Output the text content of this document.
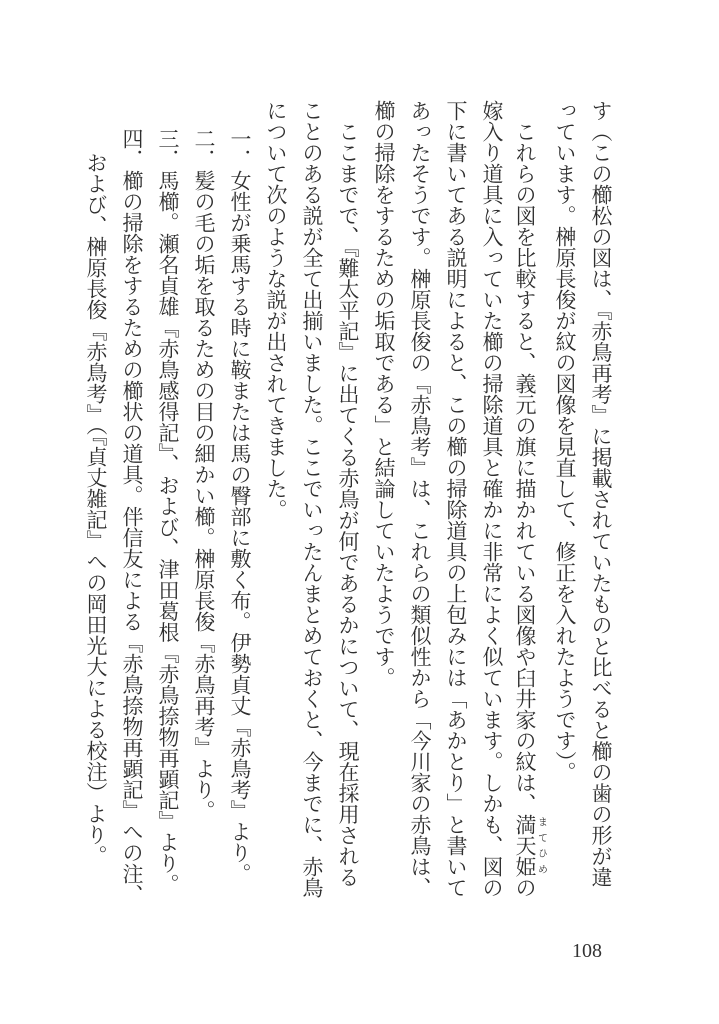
す（この櫛松の図は、『赤鳥再考』に掲載されていたものと比べると櫛の歯の形が違
っています。榊原長俊が紋の図像を見直して、修正を入れたようです）。
これらの図を比較すると、義元の旗に描かれている図像や臼井家の紋は、満天姫まてひめの
嫁入り道具に入っていた櫛の掃除道具と確かに非常によく似ています。しかも、図の
下に書いてある説明によると、この櫛の掃除道具の上包みには「あかとり」と書いて
あったそうです。榊原長俊の『赤鳥考』は、これらの類似性から「今川家の赤鳥は、
櫛の掃除をするための垢取である」と結論していたようです。
ここまでで、『難太平記』に出てくる赤鳥が何であるかについて、現在採用される
ことのある説が全て出揃いました。ここでいったんまとめておくと、今までに、赤鳥
について次のような説が出されてきました。
一．女性が乗馬する時に鞍または馬の臀部に敷く布。伊勢貞丈『赤鳥考』より。
二．髪の毛の垢を取るための目の細かい櫛。榊原長俊『赤鳥再考』より。
三．馬櫛。瀬名貞雄『赤鳥感得記』、および、津田葛根『赤鳥捺物再顕記』より。
四．櫛の掃除をするための櫛状の道具。伴信友による『赤鳥捺物再顕記』への注、
および、榊原長俊『赤鳥考』（『貞丈雑記』への岡田光大による校注）より。
108
